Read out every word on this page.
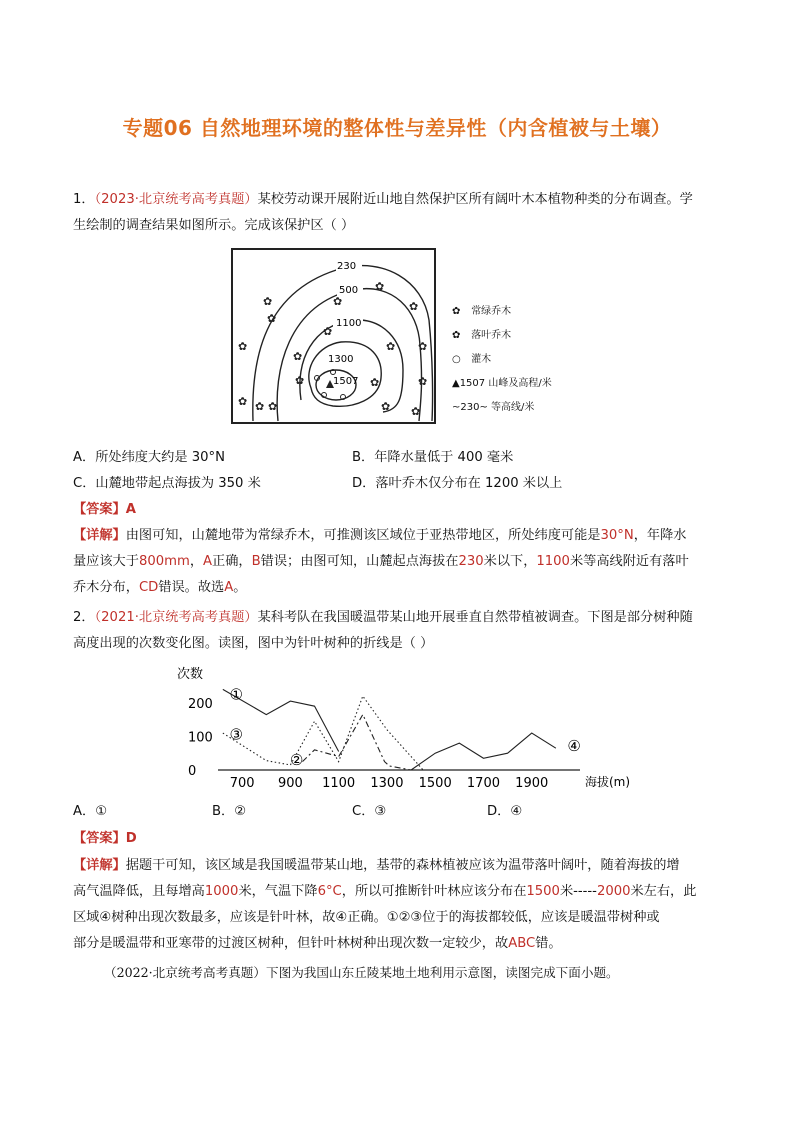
专题06 自然地理环境的整体性与差异性（内含植被与土壤）

1．（2023·北京统考高考真题）某校劳动课开展附近山地自然保护区所有阔叶木本植物种类的分布调查。学
生绘制的调查结果如图所示。完成该保护区（ ）

230
500
1100
1300
1507
✿
✿
✿
✿
✿
✿
✿
✿ ✿	✿
✿
✿
✿
✿	✿
✿
✿
✿
✿ 常绿乔木
✿ 落叶乔木
○ 灌木
▲1507 山峰及高程/米
~230~ 等高线/米
A．所处纬度大约是 30°N	B．年降水量低于 400 毫米
C．山麓地带起点海拔为 350 米	D．落叶乔木仅分布在 1200 米以上
【答案】A

【详解】由图可知，山麓地带为常绿乔木，可推测该区域位于亚热带地区，所处纬度可能是30°N，年降水
量应该大于800mm，A正确，B错误；由图可知，山麓起点海拔在230米以下，1100米等高线附近有落叶
乔木分布，CD错误。故选A。

2．（2021·北京统考高考真题）某科考队在我国暖温带某山地开展垂直自然带植被调查。下图是部分树种随
高度出现的次数变化图。读图，图中为针叶树种的折线是（ ）

次数
海拔(m)
0
100
200
700 900 1100 1300 1500 1700 1900
①
②
③
④
A．①	B．②	C．③	D．④
【答案】D

【详解】据题干可知，该区域是我国暖温带某山地，基带的森林植被应该为温带落叶阔叶，随着海拔的增
高气温降低，且每增高1000米，气温下降6°C，所以可推断针叶林应该分布在1500米-----2000米左右，此
区域④树种出现次数最多，应该是针叶林，故④正确。①②③位于的海拔都较低，应该是暖温带树种或
部分是暖温带和亚寒带的过渡区树种，但针叶林树种出现次数一定较少，故ABC错。

（2022·北京统考高考真题）下图为我国山东丘陵某地土地利用示意图，读图完成下面小题。
